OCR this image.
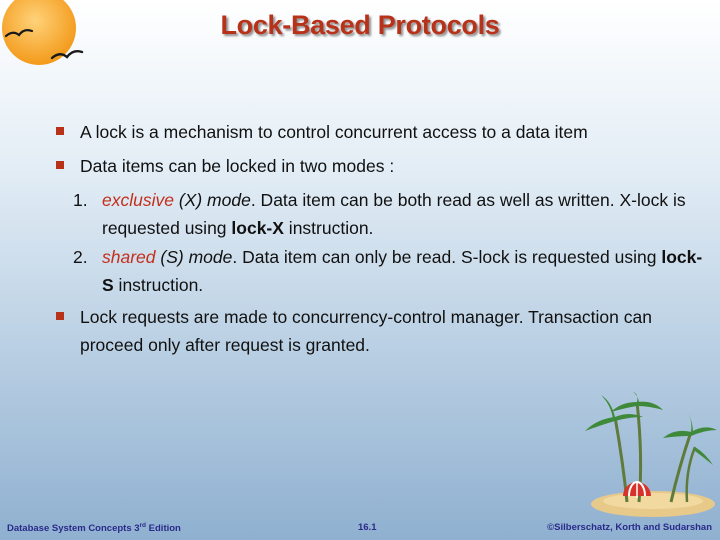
Lock-Based Protocols
A lock is a mechanism to control concurrent access to a data item
Data items can be locked in two modes :
1. exclusive (X) mode. Data item can be both read as well as written. X-lock is requested using lock-X instruction.
2. shared (S) mode. Data item can only be read. S-lock is requested using lock-S instruction.
Lock requests are made to concurrency-control manager. Transaction can proceed only after request is granted.
Database System Concepts 3rd Edition	16.1	©Silberschatz, Korth and Sudarshan
